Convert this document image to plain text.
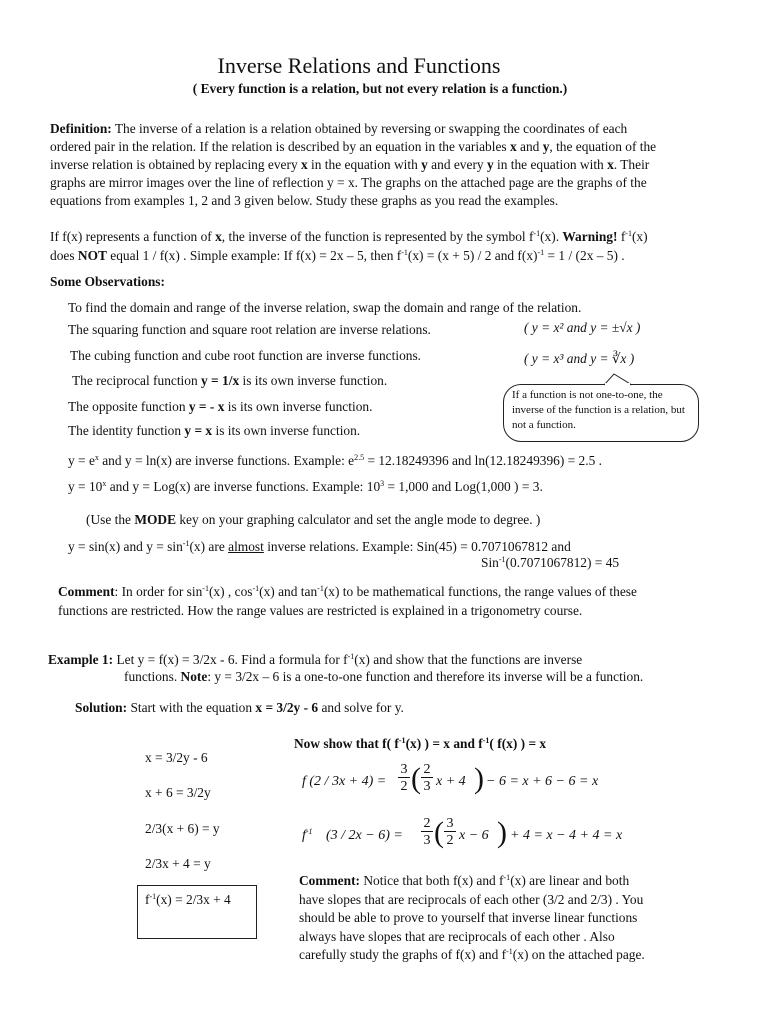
Inverse Relations and Functions
( Every function is a relation, but not every relation is a function.)
Definition: The inverse of a relation is a relation obtained by reversing or swapping the coordinates of each
ordered pair in the relation. If the relation is described by an equation in the variables x and y, the equation of the
inverse relation is obtained by replacing every x in the equation with y and every y in the equation with x. Their
graphs are mirror images over the line of reflection y = x. The graphs on the attached page are the graphs of the
equations from examples 1, 2 and 3 given below. Study these graphs as you read the examples.
If f(x) represents a function of x, the inverse of the function is represented by the symbol $f^{-1}(x)$. Warning! $f^{-1}(x)$
does NOT equal 1 / f(x) . Simple example: If f(x) = 2x – 5, then $f^{-1}(x) = (x + 5) / 2$ and $f(x)^{-1} = 1 / (2x - 5)$ .
Some Observations:
To find the domain and range of the inverse relation, swap the domain and range of the relation.
The squaring function and square root relation are inverse relations.	( y = x² and y = ±√x )
The cubing function and cube root function are inverse functions.	( y = x³ and y = ∛x )
The reciprocal function y = 1/x is its own inverse function.
The opposite function y = - x is its own inverse function.
The identity function y = x is its own inverse function.
If a function is not one-to-one, the inverse of the function is a relation, but not a function.
$y = e^x$ and y = ln(x) are inverse functions. Example: $e^{2.5} = 12.18249396$ and ln(12.18249396) = 2.5 .
$y = 10^x$ and y = Log(x) are inverse functions. Example: $10^3 = 1,000$ and Log(1,000 ) = 3.
(Use the MODE key on your graphing calculator and set the angle mode to degree. )
y = sin(x) and $y = \sin^{-1}(x)$ are almost inverse relations. Example: Sin(45) = 0.7071067812 and
Sin$^{-1}$(0.7071067812) = 45
Comment: In order for $\sin^{-1}(x)$ , $\cos^{-1}(x)$ and $\tan^{-1}(x)$ to be mathematical functions, the range values of these
functions are restricted. How the range values are restricted is explained in a trigonometry course.
Example 1: Let y = f(x) = 3/2x - 6. Find a formula for $f^{-1}(x)$ and show that the functions are inverse
functions. Note: y = 3/2x – 6 is a one-to-one function and therefore its inverse will be a function.
Solution: Start with the equation x = 3/2y - 6 and solve for y.
x = 3/2y - 6
x + 6 = 3/2y
2/3(x + 6) = y
2/3x + 4 = y
$f^{-1}(x) = 2/3x + 4$
Now show that f( $f^{-1}(x)$ ) = x and $f^{-1}$( f(x) ) = x
f (2 / 3x + 4) =
3
2 ( 2
3 x + 4 ) − 6 = x + 6 − 6 = x
$f^{-1}$ (3 / 2x − 6) =
2
3 ( 3
2 x − 6 ) + 4 = x − 4 + 4 = x
Comment: Notice that both f(x) and $f^{-1}(x)$ are linear and both
have slopes that are reciprocals of each other (3/2 and 2/3) . You
should be able to prove to yourself that inverse linear functions
always have slopes that are reciprocals of each other . Also
carefully study the graphs of f(x) and $f^{-1}(x)$ on the attached page.
